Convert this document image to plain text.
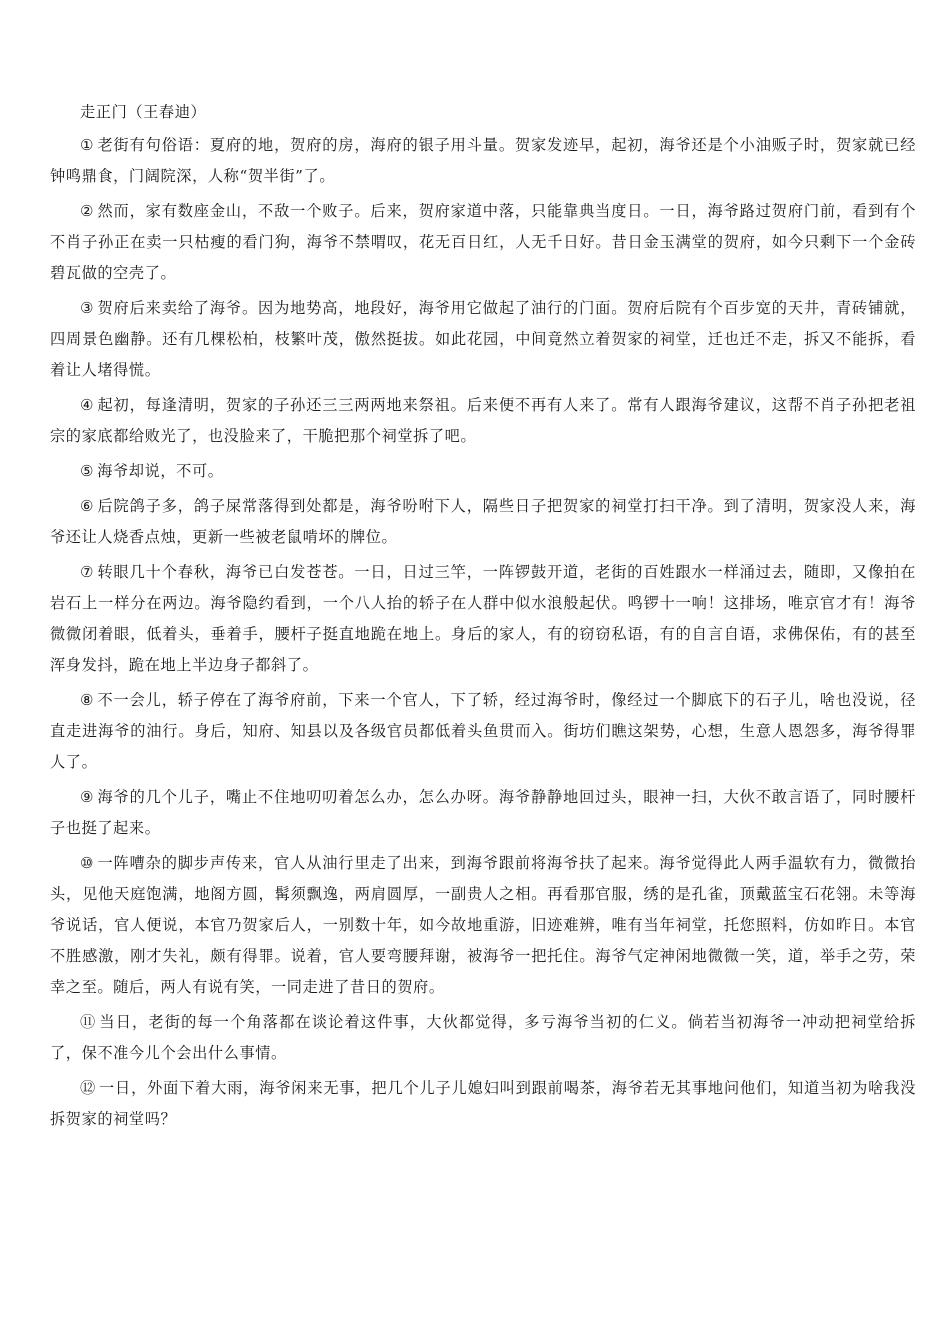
走正门（王春迪）

① 老街有句俗语：夏府的地，贺府的房，海府的银子用斗量。贺家发迹早，起初，海爷还是个小油贩子时，贺家就已经钟鸣鼎食，门阔院深，人称“贺半街”了。

② 然而，家有数座金山，不敌一个败子。后来，贺府家道中落，只能靠典当度日。一日，海爷路过贺府门前，看到有个不肖子孙正在卖一只枯瘦的看门狗，海爷不禁喟叹，花无百日红，人无千日好。昔日金玉满堂的贺府，如今只剩下一个金砖碧瓦做的空壳了。

③ 贺府后来卖给了海爷。因为地势高，地段好，海爷用它做起了油行的门面。贺府后院有个百步宽的天井，青砖铺就，四周景色幽静。还有几棵松柏，枝繁叶茂，傲然挺拔。如此花园，中间竟然立着贺家的祠堂，迁也迁不走，拆又不能拆，看着让人堵得慌。

④ 起初，每逢清明，贺家的子孙还三三两两地来祭祖。后来便不再有人来了。常有人跟海爷建议，这帮不肖子孙把老祖宗的家底都给败光了，也没脸来了，干脆把那个祠堂拆了吧。

⑤ 海爷却说，不可。

⑥ 后院鸽子多，鸽子屎常落得到处都是，海爷吩咐下人，隔些日子把贺家的祠堂打扫干净。到了清明，贺家没人来，海爷还让人烧香点烛，更新一些被老鼠啃坏的牌位。

⑦ 转眼几十个春秋，海爷已白发苍苍。一日，日过三竿，一阵锣鼓开道，老街的百姓跟水一样涌过去，随即，又像拍在岩石上一样分在两边。海爷隐约看到，一个八人抬的轿子在人群中似水浪般起伏。鸣锣十一响！这排场，唯京官才有！海爷微微闭着眼，低着头，垂着手，腰杆子挺直地跪在地上。身后的家人，有的窃窃私语，有的自言自语，求佛保佑，有的甚至浑身发抖，跪在地上半边身子都斜了。

⑧ 不一会儿，轿子停在了海爷府前，下来一个官人，下了轿，经过海爷时，像经过一个脚底下的石子儿，啥也没说，径直走进海爷的油行。身后，知府、知县以及各级官员都低着头鱼贯而入。街坊们瞧这架势，心想，生意人恩怨多，海爷得罪人了。

⑨ 海爷的几个儿子，嘴止不住地叨叨着怎么办，怎么办呀。海爷静静地回过头，眼神一扫，大伙不敢言语了，同时腰杆子也挺了起来。

⑩ 一阵嘈杂的脚步声传来，官人从油行里走了出来，到海爷跟前将海爷扶了起来。海爷觉得此人两手温软有力，微微抬头，见他天庭饱满，地阁方圆，髯须飘逸，两肩圆厚，一副贵人之相。再看那官服，绣的是孔雀，顶戴蓝宝石花翎。未等海爷说话，官人便说，本官乃贺家后人，一别数十年，如今故地重游，旧迹难辨，唯有当年祠堂，托您照料，仿如昨日。本官不胜感激，刚才失礼，颇有得罪。说着，官人要弯腰拜谢，被海爷一把托住。海爷气定神闲地微微一笑，道，举手之劳，荣幸之至。随后，两人有说有笑，一同走进了昔日的贺府。

⑪ 当日，老街的每一个角落都在谈论着这件事，大伙都觉得，多亏海爷当初的仁义。倘若当初海爷一冲动把祠堂给拆了，保不准今儿个会出什么事情。

⑫ 一日，外面下着大雨，海爷闲来无事，把几个儿子儿媳妇叫到跟前喝茶，海爷若无其事地问他们，知道当初为啥我没拆贺家的祠堂吗？
